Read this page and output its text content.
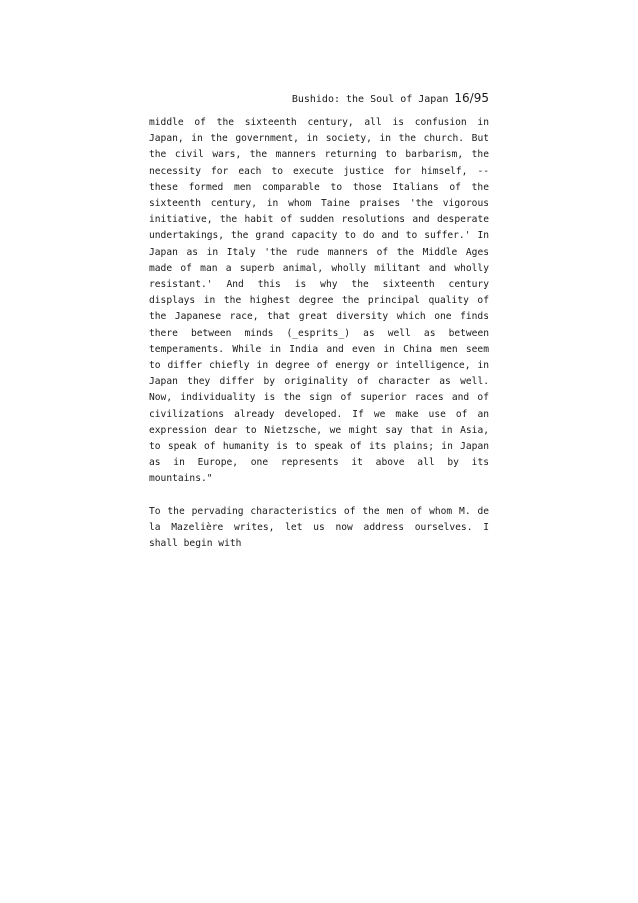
Bushido: the Soul of Japan 16/95
middle of the sixteenth century, all is confusion in
Japan, in the government, in society, in the church. But
the civil wars, the manners returning to barbarism, the
necessity for each to execute justice for himself, --
these formed men comparable to those Italians of the
sixteenth century, in whom Taine praises 'the vigorous
initiative, the habit of sudden resolutions and desperate
undertakings, the grand capacity to do and to suffer.' In
Japan as in Italy 'the rude manners of the Middle Ages
made of man a superb animal, wholly militant and wholly
resistant.' And this is why the sixteenth century
displays in the highest degree the principal quality of
the Japanese race, that great diversity which one finds
there between minds (_esprits_) as well as between
temperaments. While in India and even in China men seem
to differ chiefly in degree of energy or intelligence, in
Japan they differ by originality of character as well.
Now, individuality is the sign of superior races and of
civilizations already developed. If we make use of an
expression dear to Nietzsche, we might say that in Asia,
to speak of humanity is to speak of its plains; in Japan
as in Europe, one represents it above all by its
mountains."
To the pervading characteristics of the men of whom M. de
la Mazelière writes, let us now address ourselves. I
shall begin with
